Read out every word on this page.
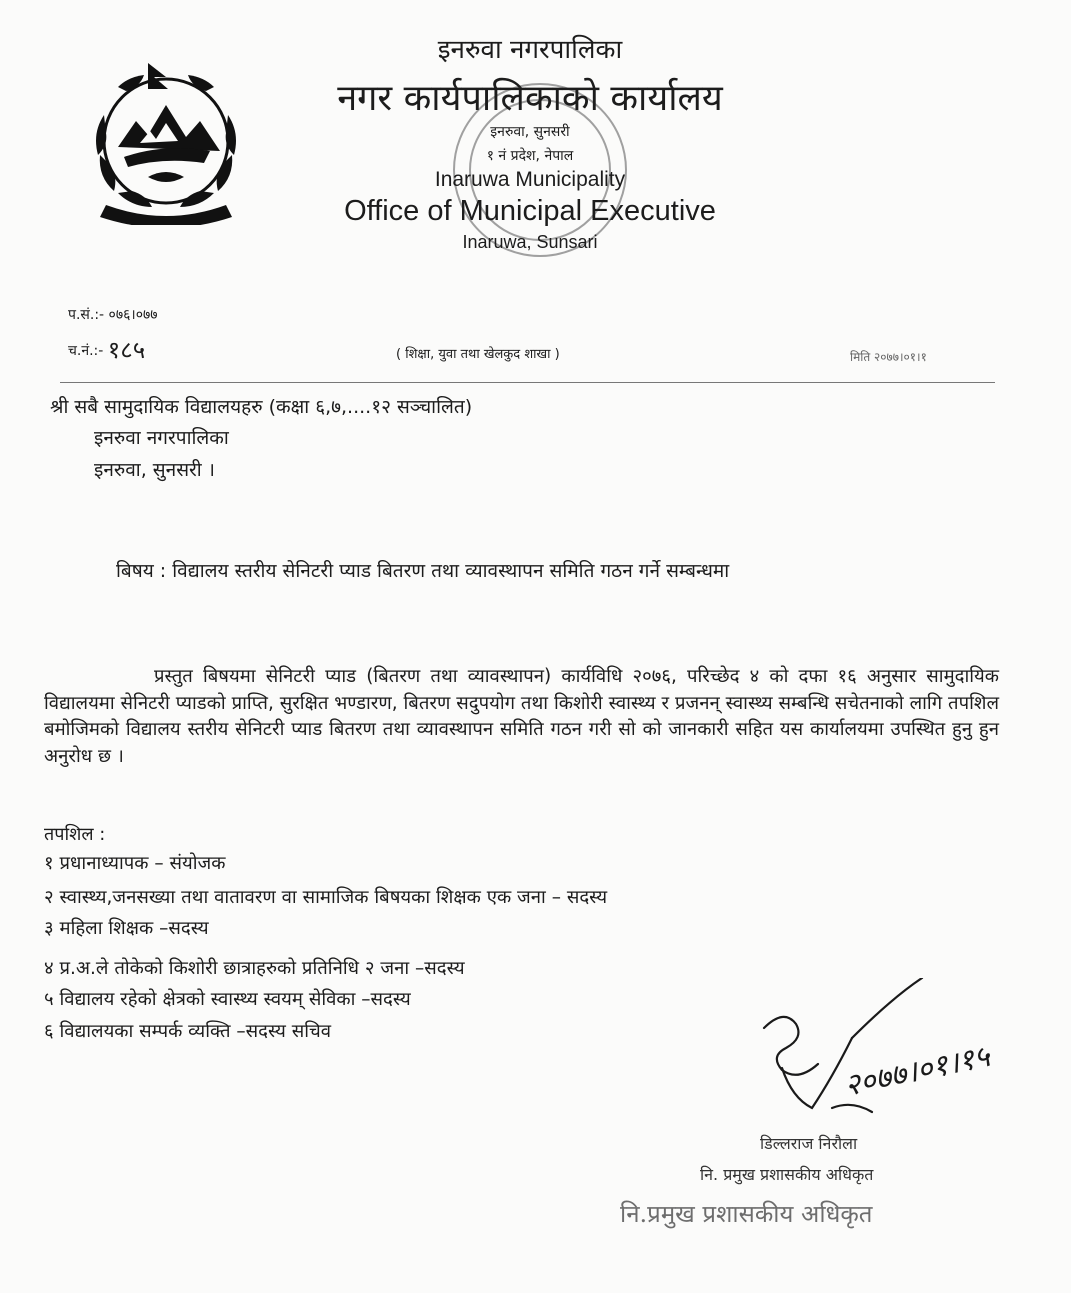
इनरुवा नगरपालिका
नगर कार्यपालिकाको कार्यालय
इनरुवा, सुनसरी
१ नं प्रदेश, नेपाल
Inaruwa Municipality
Office of Municipal Executive
Inaruwa, Sunsari
प.सं.:- ०७६।०७७
च.नं.:- १८५	( शिक्षा, युवा तथा खेलकुद शाखा )	मिति २०७७।०१।१
श्री सबै सामुदायिक विद्यालयहरु (कक्षा ६,७,....१२ सञ्चालित)
इनरुवा नगरपालिका
इनरुवा, सुनसरी ।
बिषय : विद्यालय स्तरीय सेनिटरी प्याड बितरण तथा व्यावस्थापन समिति गठन गर्ने सम्बन्धमा

प्रस्तुत बिषयमा सेनिटरी प्याड (बितरण तथा व्यावस्थापन) कार्यविधि २०७६, परिच्छेद ४ को दफा १६ अनुसार सामुदायिक विद्यालयमा सेनिटरी प्याडको प्राप्ति, सुरक्षित भण्डारण, बितरण सदुपयोग तथा किशोरी स्वास्थ्य र प्रजनन् स्वास्थ्य सम्बन्धि सचेतनाको लागि तपशिल बमोजिमको विद्यालय स्तरीय सेनिटरी प्याड बितरण तथा व्यावस्थापन समिति गठन गरी सो को जानकारी सहित यस कार्यालयमा उपस्थित हुनु हुन अनुरोध छ ।

तपशिल :
१ प्रधानाध्यापक – संयोजक
२ स्वास्थ्य,जनसख्या तथा वातावरण वा सामाजिक बिषयका शिक्षक एक जना – सदस्य
३ महिला शिक्षक –सदस्य
४ प्र.अ.ले तोकेको किशोरी छात्राहरुको प्रतिनिधि २ जना –सदस्य
५ विद्यालय रहेको क्षेत्रको स्वास्थ्य स्वयम् सेविका –सदस्य
६ विद्यालयका सम्पर्क व्यक्ति –सदस्य सचिव
२०७७।०१।१५
डिल्लराज निरौला
नि. प्रमुख प्रशासकीय अधिकृत
नि.प्रमुख प्रशासकीय अधिकृत
